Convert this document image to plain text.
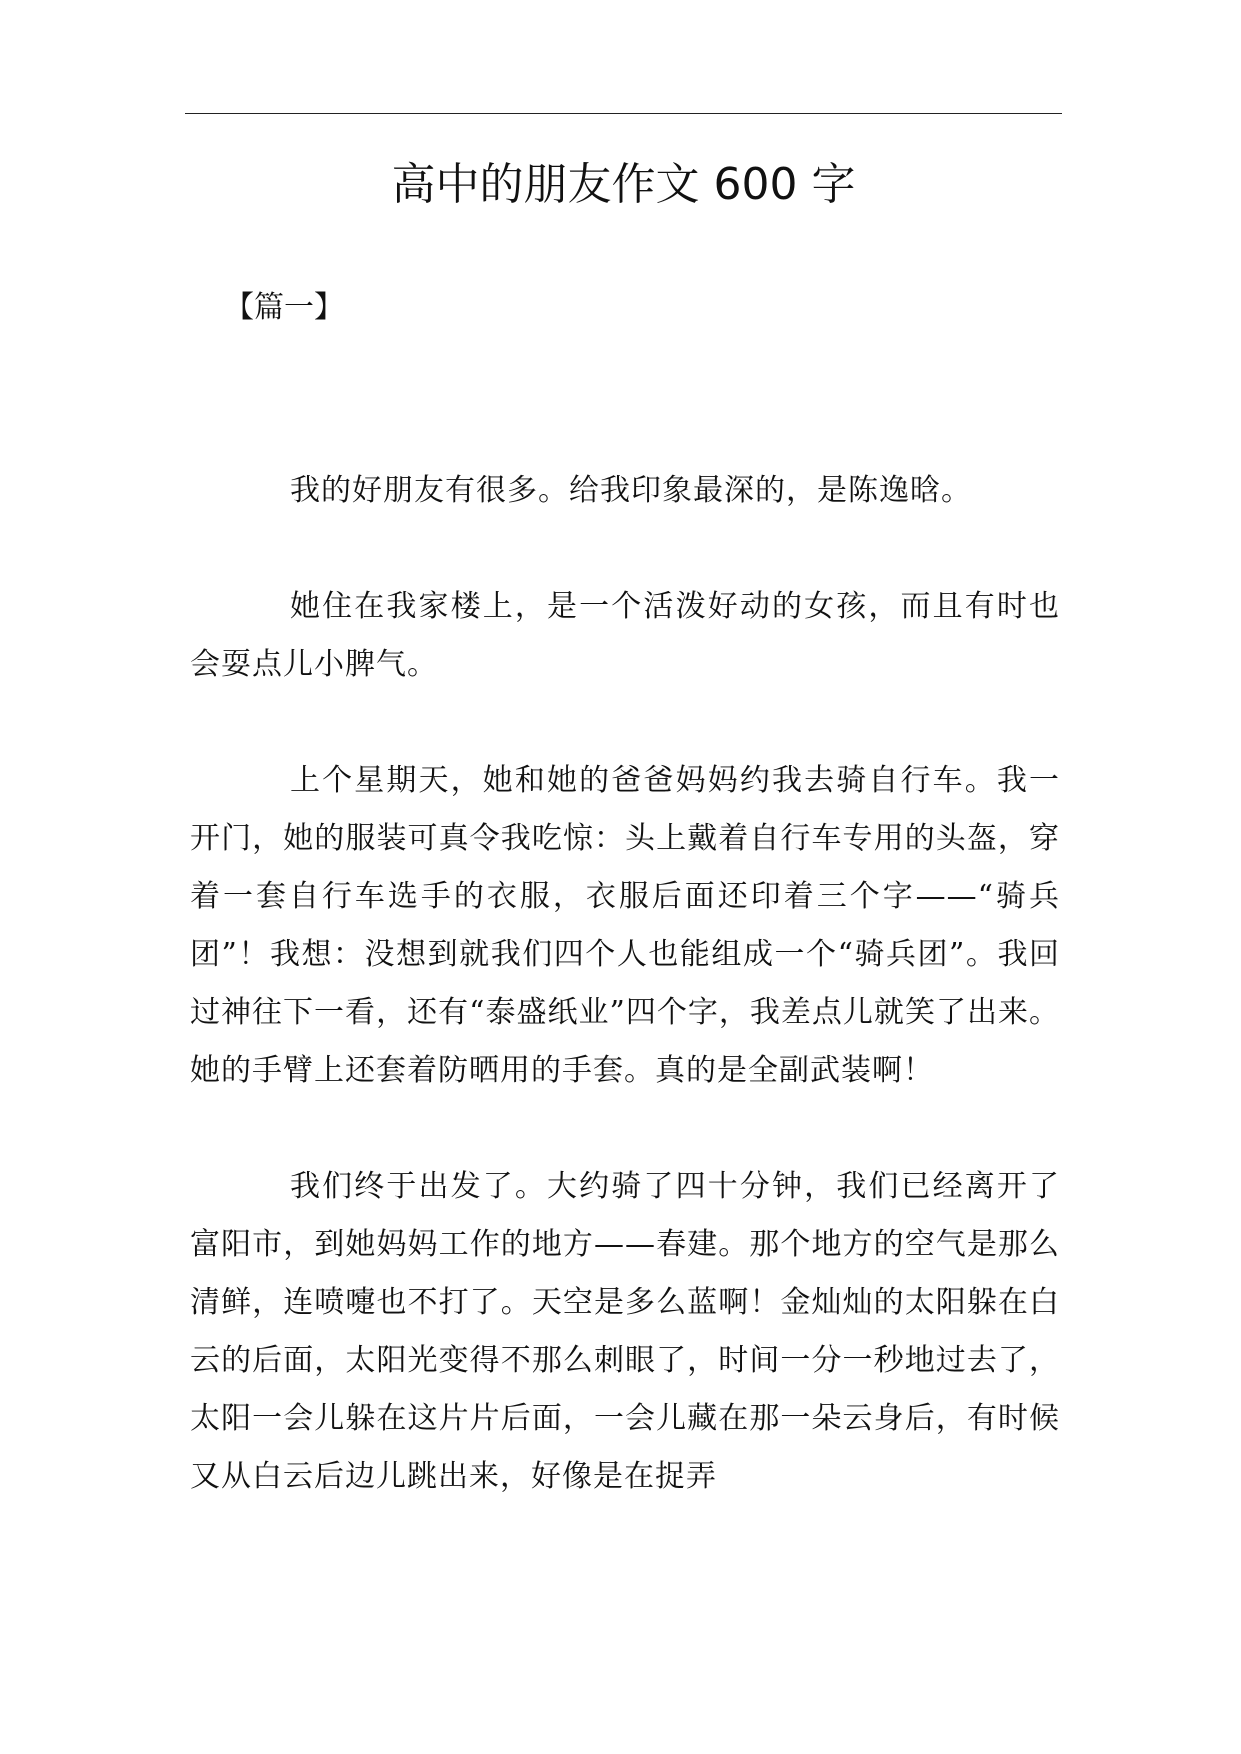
高中的朋友作文 600 字

【篇一】

我的好朋友有很多。给我印象最深的，是陈逸晗。

她住在我家楼上，是一个活泼好动的女孩，而且有时也会耍点儿小脾气。

上个星期天，她和她的爸爸妈妈约我去骑自行车。我一开门，她的服装可真令我吃惊：头上戴着自行车专用的头盔，穿着一套自行车选手的衣服，衣服后面还印着三个字——“骑兵团”！我想：没想到就我们四个人也能组成一个“骑兵团”。我回过神往下一看，还有“泰盛纸业”四个字，我差点儿就笑了出来。她的手臂上还套着防晒用的手套。真的是全副武装啊！

我们终于出发了。大约骑了四十分钟，我们已经离开了富阳市，到她妈妈工作的地方——春建。那个地方的空气是那么清鲜，连喷嚏也不打了。天空是多么蓝啊！金灿灿的太阳躲在白云的后面，太阳光变得不那么刺眼了，时间一分一秒地过去了，太阳一会儿躲在这片片后面，一会儿藏在那一朵云身后，有时候又从白云后边儿跳出来，好像是在捉弄
